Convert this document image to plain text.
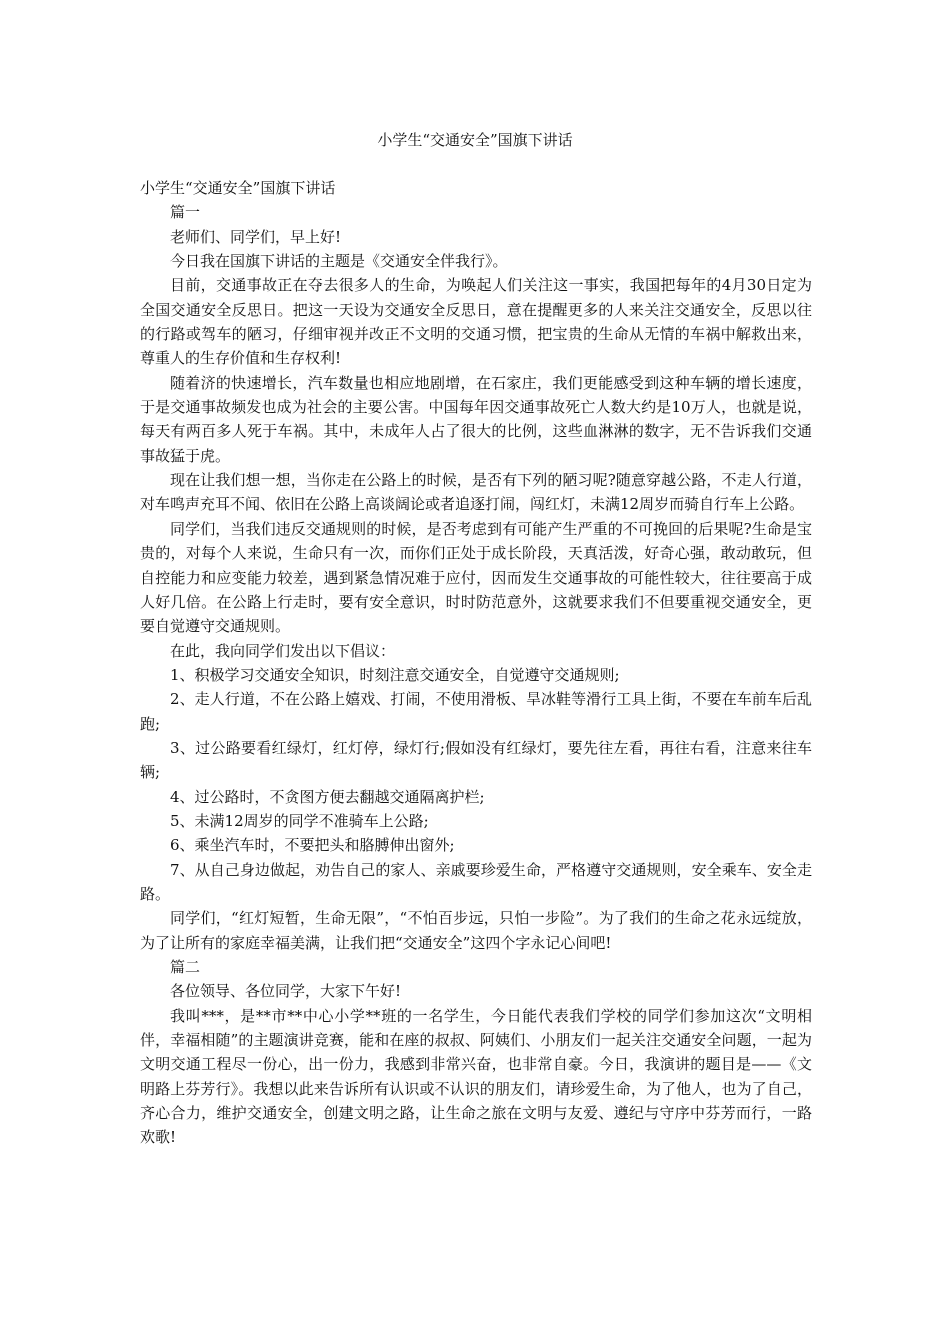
小学生“交通安全”国旗下讲话

小学生“交通安全”国旗下讲话

篇一

老师们、同学们，早上好!

今日我在国旗下讲话的主题是《交通安全伴我行》。

目前，交通事故正在夺去很多人的生命，为唤起人们关注这一事实，我国把每年的4月30日定为全国交通安全反思日。把这一天设为交通安全反思日，意在提醒更多的人来关注交通安全，反思以往的行路或驾车的陋习，仔细审视并改正不文明的交通习惯，把宝贵的生命从无情的车祸中解救出来，尊重人的生存价值和生存权利!

随着济的快速增长，汽车数量也相应地剧增，在石家庄，我们更能感受到这种车辆的增长速度，于是交通事故频发也成为社会的主要公害。中国每年因交通事故死亡人数大约是10万人，也就是说，每天有两百多人死于车祸。其中，未成年人占了很大的比例，这些血淋淋的数字，无不告诉我们交通事故猛于虎。

现在让我们想一想，当你走在公路上的时候，是否有下列的陋习呢?随意穿越公路，不走人行道，对车鸣声充耳不闻、依旧在公路上高谈阔论或者追逐打闹，闯红灯，未满12周岁而骑自行车上公路。

同学们，当我们违反交通规则的时候，是否考虑到有可能产生严重的不可挽回的后果呢?生命是宝贵的，对每个人来说，生命只有一次，而你们正处于成长阶段，天真活泼，好奇心强，敢动敢玩，但自控能力和应变能力较差，遇到紧急情况难于应付，因而发生交通事故的可能性较大，往往要高于成人好几倍。在公路上行走时，要有安全意识，时时防范意外，这就要求我们不但要重视交通安全，更要自觉遵守交通规则。

在此，我向同学们发出以下倡议：

1、积极学习交通安全知识，时刻注意交通安全，自觉遵守交通规则;

2、走人行道，不在公路上嬉戏、打闹，不使用滑板、旱冰鞋等滑行工具上街，不要在车前车后乱跑;

3、过公路要看红绿灯，红灯停，绿灯行;假如没有红绿灯，要先往左看，再往右看，注意来往车辆;

4、过公路时，不贪图方便去翻越交通隔离护栏;

5、未满12周岁的同学不准骑车上公路;

6、乘坐汽车时，不要把头和胳膊伸出窗外;

7、从自己身边做起，劝告自己的家人、亲戚要珍爱生命，严格遵守交通规则，安全乘车、安全走路。

同学们，“红灯短暂，生命无限”，“不怕百步远，只怕一步险”。为了我们的生命之花永远绽放，为了让所有的家庭幸福美满，让我们把“交通安全”这四个字永记心间吧!

篇二

各位领导、各位同学，大家下午好!

我叫***，是**市**中心小学**班的一名学生，今日能代表我们学校的同学们参加这次“文明相伴，幸福相随”的主题演讲竞赛，能和在座的叔叔、阿姨们、小朋友们一起关注交通安全问题，一起为文明交通工程尽一份心，出一份力，我感到非常兴奋，也非常自豪。今日，我演讲的题目是——《文明路上芬芳行》。我想以此来告诉所有认识或不认识的朋友们，请珍爱生命，为了他人，也为了自己，齐心合力，维护交通安全，创建文明之路，让生命之旅在文明与友爱、遵纪与守序中芬芳而行，一路欢歌!
